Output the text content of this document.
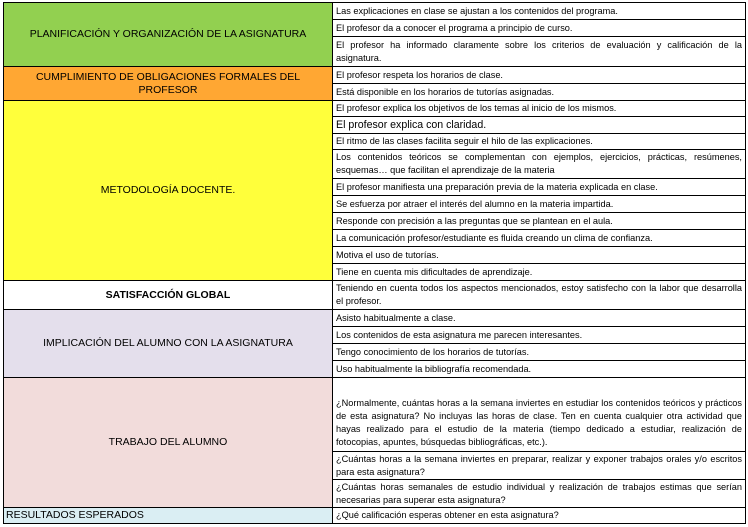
PLANIFICACIÓN Y ORGANIZACIÓN DE LA ASIGNATURA	Las explicaciones en clase se ajustan a los contenidos del programa.
	El profesor da a conocer el programa a principio de curso.
	El profesor ha informado claramente sobre los criterios de evaluación y calificación de la asignatura.
CUMPLIMIENTO DE OBLIGACIONES FORMALES DEL PROFESOR	El profesor respeta los horarios de clase.
	Está disponible en los horarios de tutorías asignadas.
METODOLOGÍA DOCENTE.	El profesor explica los objetivos de los temas al inicio de los mismos.
	El profesor explica con claridad.
	El ritmo de las clases facilita seguir el hilo de las explicaciones.
	Los contenidos teóricos se complementan con ejemplos, ejercicios, prácticas, resúmenes, esquemas… que facilitan el aprendizaje de la materia
	El profesor manifiesta una preparación previa de la materia explicada en clase.
	Se esfuerza por atraer el interés del alumno en la materia impartida.
	Responde con precisión a las preguntas que se plantean en el aula.
	La comunicación profesor/estudiante es fluida creando un clima de confianza.
	Motiva el uso de tutorías.
	Tiene en cuenta mis dificultades de aprendizaje.
SATISFACCIÓN GLOBAL	Teniendo en cuenta todos los aspectos mencionados, estoy satisfecho con la labor que desarrolla el profesor.
IMPLICACIÓN DEL ALUMNO CON LA ASIGNATURA	Asisto habitualmente a clase.
	Los contenidos de esta asignatura me parecen interesantes.
	Tengo conocimiento de los horarios de tutorías.
	Uso habitualmente la bibliografía recomendada.
TRABAJO DEL ALUMNO	¿Normalmente, cuántas horas a la semana inviertes en estudiar los contenidos teóricos y prácticos de esta asignatura? No incluyas las horas de clase. Ten en cuenta cualquier otra actividad que hayas realizado para el estudio de la materia (tiempo dedicado a estudiar, realización de fotocopias, apuntes, búsquedas bibliográficas, etc.).
	¿Cuántas horas a la semana inviertes en preparar, realizar y exponer trabajos orales y/o escritos para esta asignatura?
	¿Cuántas horas semanales de estudio individual y realización de trabajos estimas que serían necesarias para superar esta asignatura?
RESULTADOS ESPERADOS	¿Qué calificación esperas obtener en esta asignatura?
